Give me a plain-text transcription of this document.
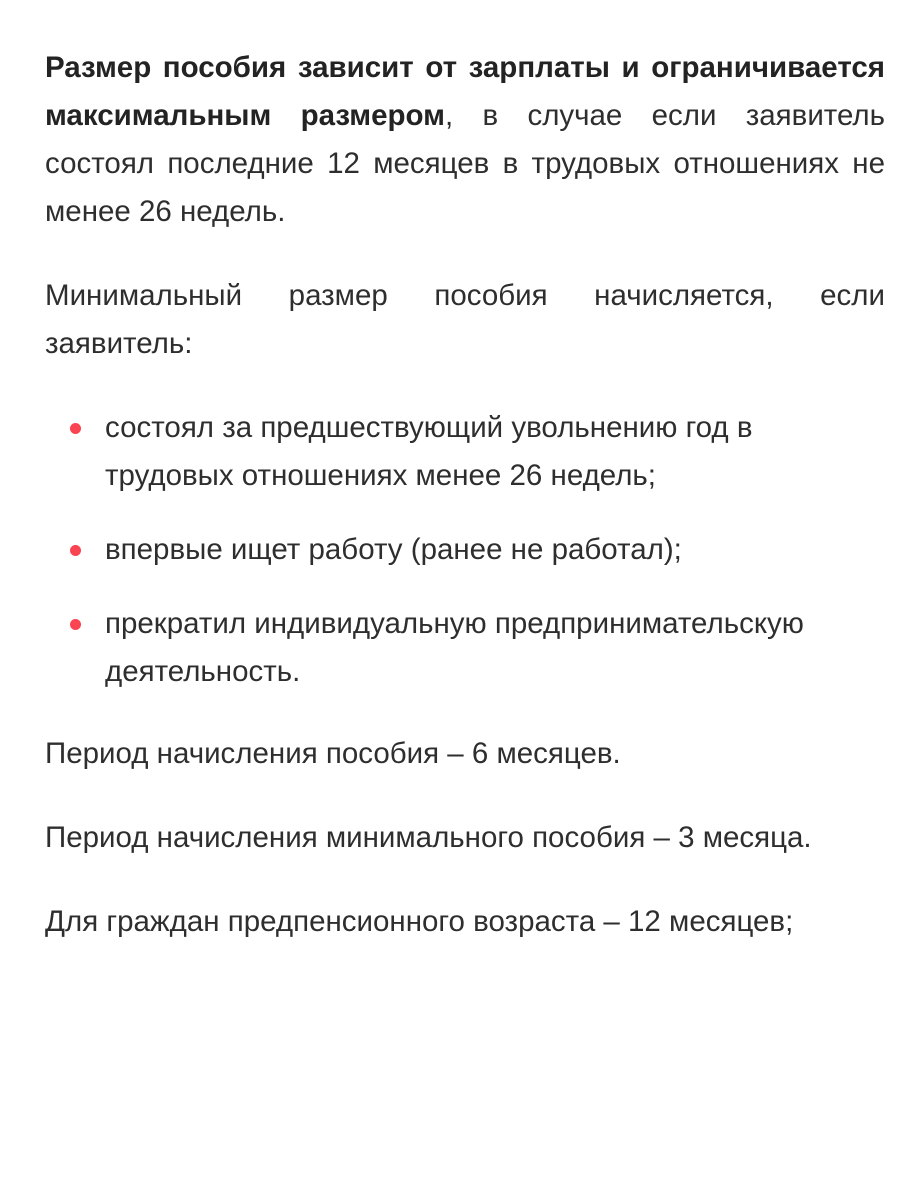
Размер пособия зависит от зарплаты и ограничивается максимальным размером, в случае если заявитель состоял последние 12 месяцев в трудовых отношениях не менее 26 недель.

Минимальный размер пособия начисляется, если заявитель:

состоял за предшествующий увольнению год в трудовых отношениях менее 26 недель;
впервые ищет работу (ранее не работал);
прекратил индивидуальную предпринимательскую деятельность.

Период начисления пособия – 6 месяцев.

Период начисления минимального пособия – 3 месяца.

Для граждан предпенсионного возраста – 12 месяцев;
